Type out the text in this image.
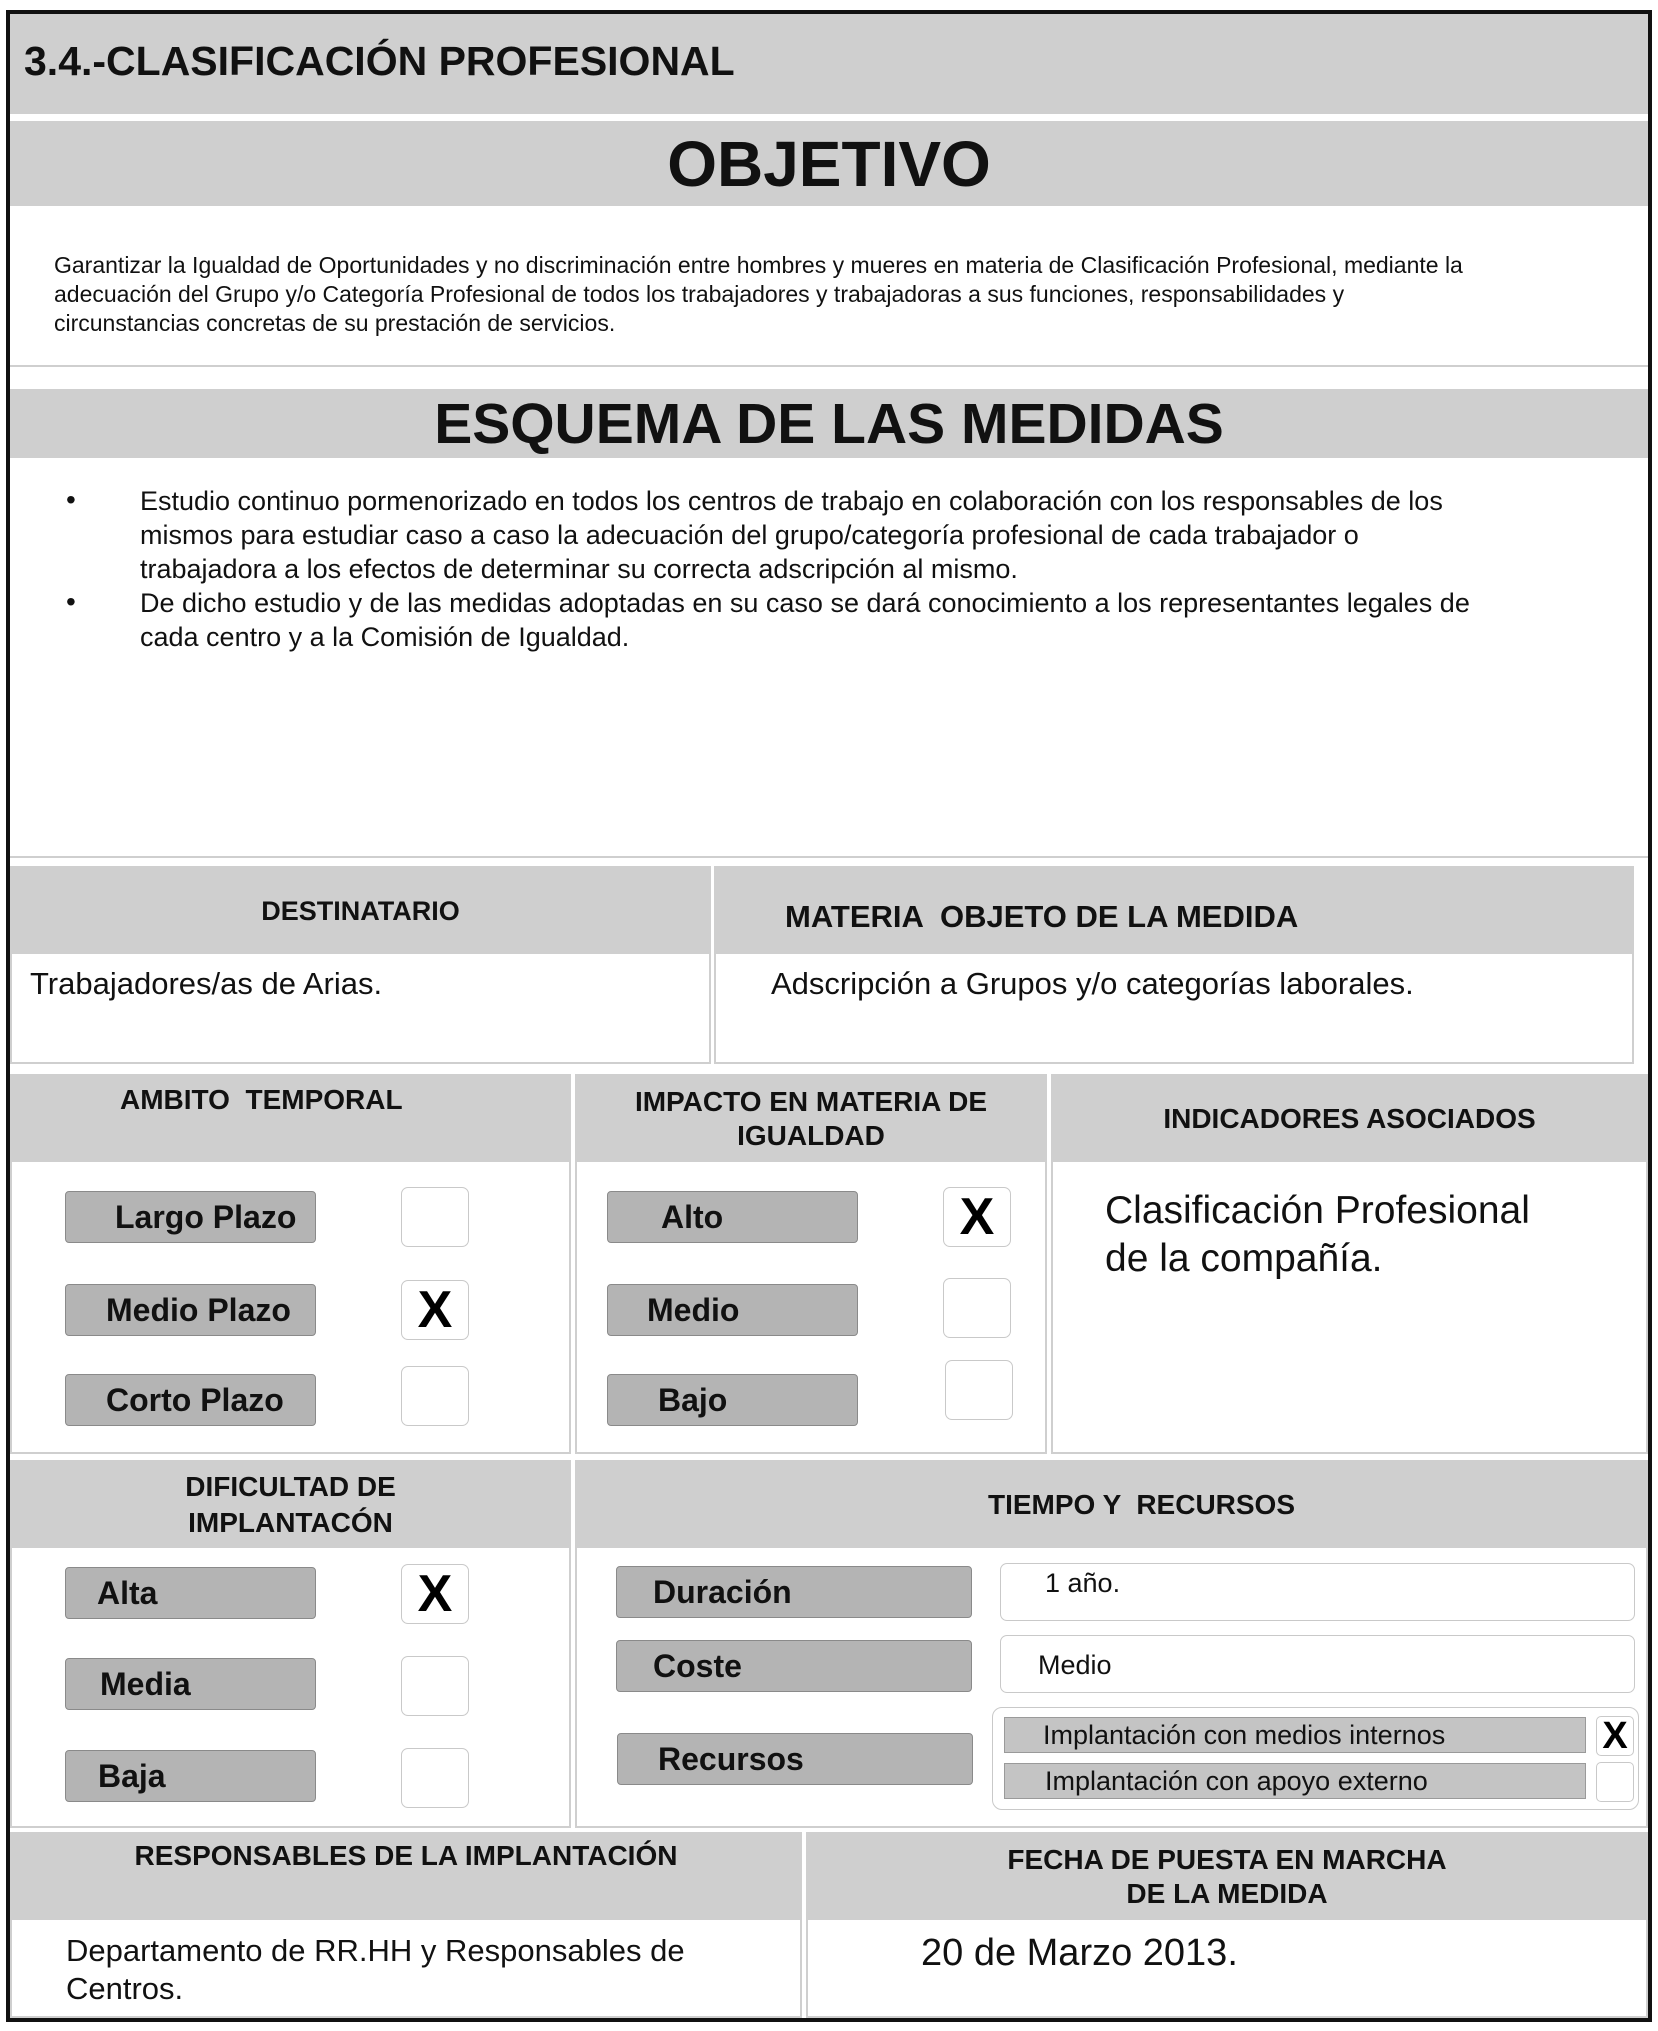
3.4.-CLASIFICACIÓN PROFESIONAL
OBJETIVO
Garantizar la Igualdad de Oportunidades y no discriminación entre hombres y mueres en materia de Clasificación Profesional, mediante la
adecuación del Grupo y/o Categoría Profesional de todos los trabajadores y trabajadoras a sus funciones, responsabilidades y
circunstancias concretas de su prestación de servicios.
ESQUEMA DE LAS MEDIDAS
• Estudio continuo pormenorizado en todos los centros de trabajo en colaboración con los responsables de los
mismos para estudiar caso a caso la adecuación del grupo/categoría profesional de cada trabajador o
trabajadora a los efectos de determinar su correcta adscripción al mismo.
• De dicho estudio y de las medidas adoptadas en su caso se dará conocimiento a los representantes legales de
cada centro y a la Comisión de Igualdad.
DESTINATARIO
Trabajadores/as de Arias.
MATERIA  OBJETO DE LA MEDIDA
Adscripción a Grupos y/o categorías laborales.
AMBITO  TEMPORAL
Largo Plazo
Medio Plazo	X
Corto Plazo
IMPACTO EN MATERIA DE
IGUALDAD
Alto	X
Medio
Bajo
INDICADORES ASOCIADOS
Clasificación Profesional
de la compañía.
DIFICULTAD DE
IMPLANTACÓN
Alta	X
Media
Baja
TIEMPO Y  RECURSOS
Duración	1 año.
Coste	Medio
Recursos
Implantación con medios internos	X
Implantación con apoyo externo
RESPONSABLES DE LA IMPLANTACIÓN
Departamento de RR.HH y Responsables de
Centros.
FECHA DE PUESTA EN MARCHA
DE LA MEDIDA
20 de Marzo 2013.
